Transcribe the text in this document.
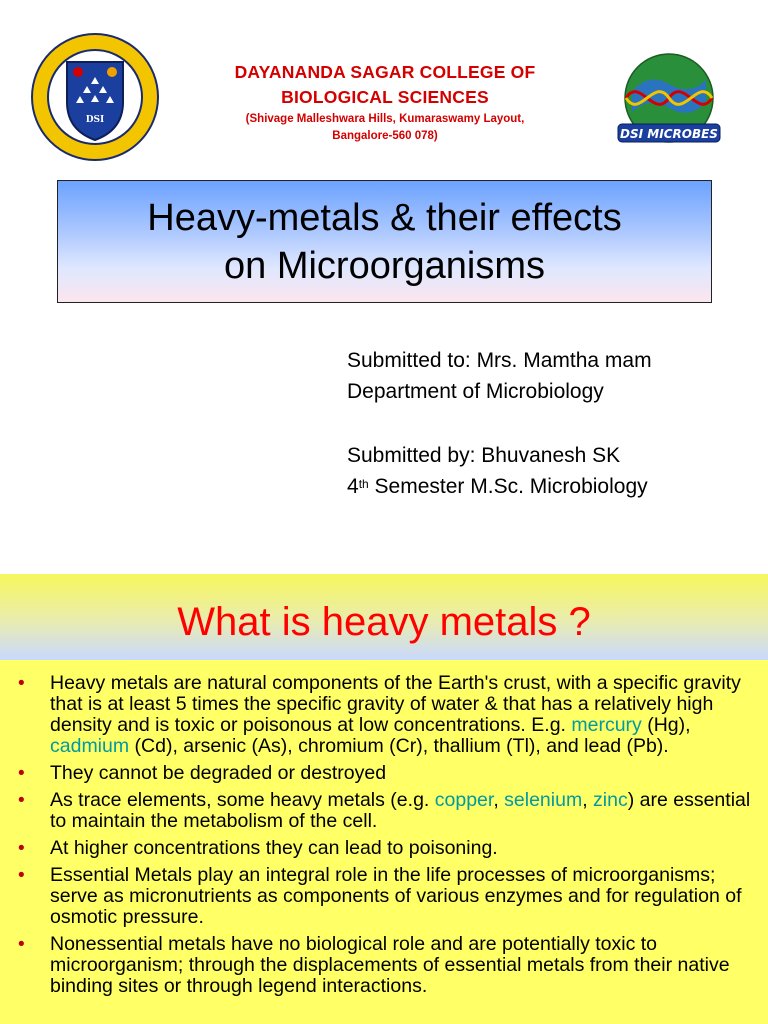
DSI
DAYANANDA SAGAR COLLEGE OF
BIOLOGICAL SCIENCES
(Shivage Malleshwara Hills, Kumaraswamy Layout,
Bangalore-560 078)	DSI MICROBES
Heavy-metals & their effects
on Microorganisms
Submitted to: Mrs. Mamtha mam
Department of Microbiology
Submitted by: Bhuvanesh SK
4th Semester M.Sc. Microbiology
What is heavy metals ?
• Heavy metals are natural components of the Earth's crust, with a specific gravity that is at least 5 times the specific gravity of water & that has a relatively high density and is toxic or poisonous at low concentrations. E.g. mercury (Hg), cadmium (Cd), arsenic (As), chromium (Cr), thallium (Tl), and lead (Pb).
• They cannot be degraded or destroyed
• As trace elements, some heavy metals (e.g. copper, selenium, zinc) are essential to maintain the metabolism of the cell.
• At higher concentrations they can lead to poisoning.
• Essential Metals play an integral role in the life processes of microorganisms; serve as micronutrients as components of various enzymes and for regulation of osmotic pressure.
• Nonessential metals have no biological role and are potentially toxic to microorganism; through the displacements of essential metals from their native binding sites or through legend interactions.
